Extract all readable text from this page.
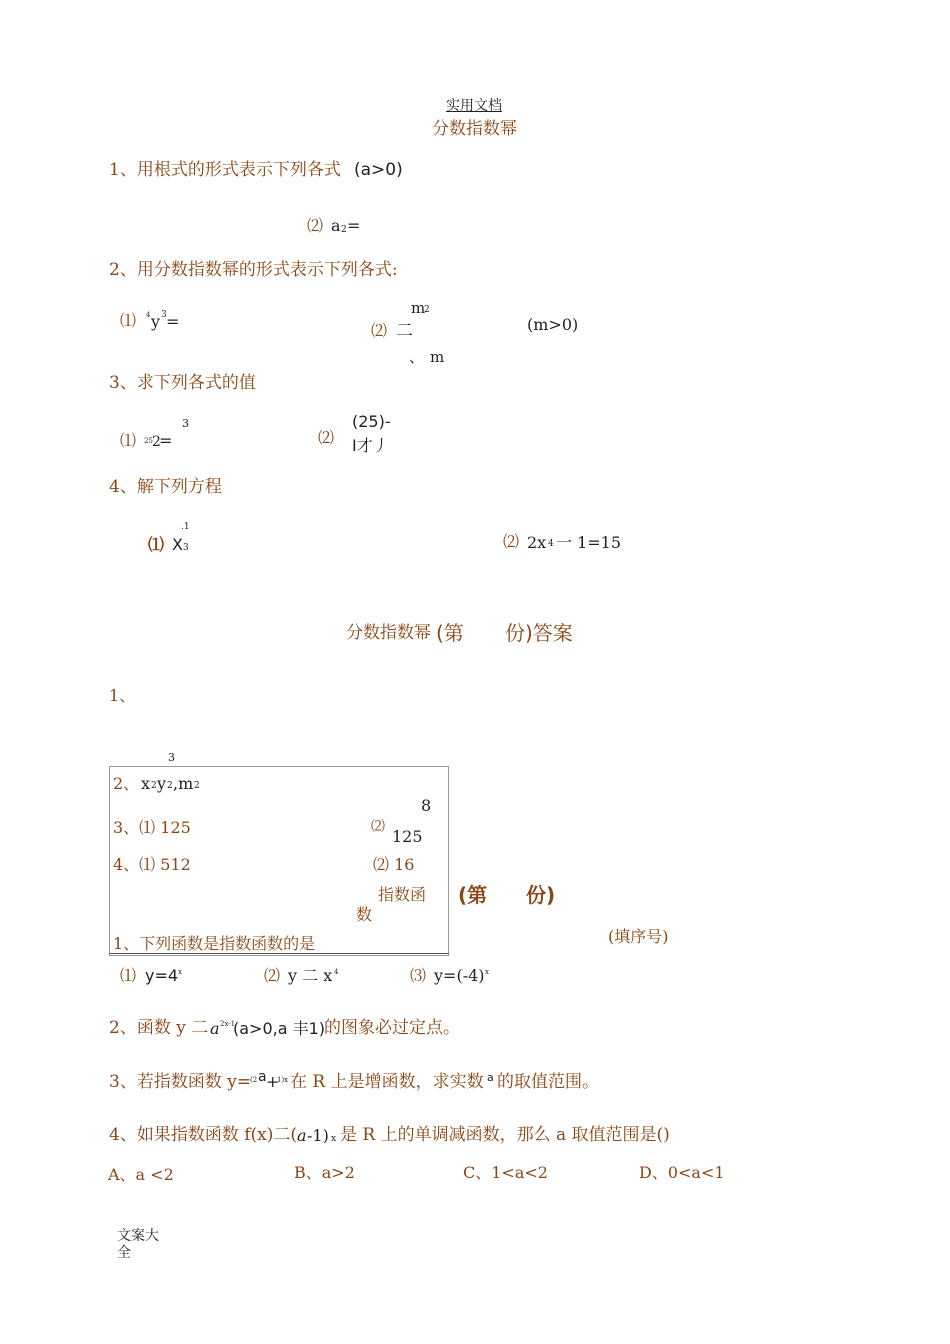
实用文档
分数指数幂
1、用根式的形式表示下列各式 (a>0)
⑵ a 2 =
2、用分数指数幂的形式表示下列各式:
⑴ 4 y 3 =
m
2
⑵ 二
、 m
(m>0)
3、求下列各式的值
3
⑴ 25 2
=	⑵
(25)-
I才丿
4、解下列方程
.1
⑴ X 3	⑵ 2x 4 一 1=15
分数指数幂 (第 份)答案
1、
3
2、 x 2 y 2 ,m 2
8
3、⑴ 125	⑵ 125
4、⑴ 512	⑵ 16
指数函
数
(第 份)
1、下列函数是指数函数的是	(填序号)
⑴ y=4 x	⑵ y 二 x 4	⑶ y=(-4) x
2、函数 y 二 a 2x-1
(a>0,a 丰1)
的图象必过定点。
3、若指数函数 y=
(2 a +
1)x 在 R 上是增函数，求实数 a 的取值范围。
4、如果指数函数 f(x)二( a -1) x 是 R 上的单调减函数，那么 a 取值范围是()
A、a <2	B、a>2	C、1<a<2	D、0<a<1
文案大
全
